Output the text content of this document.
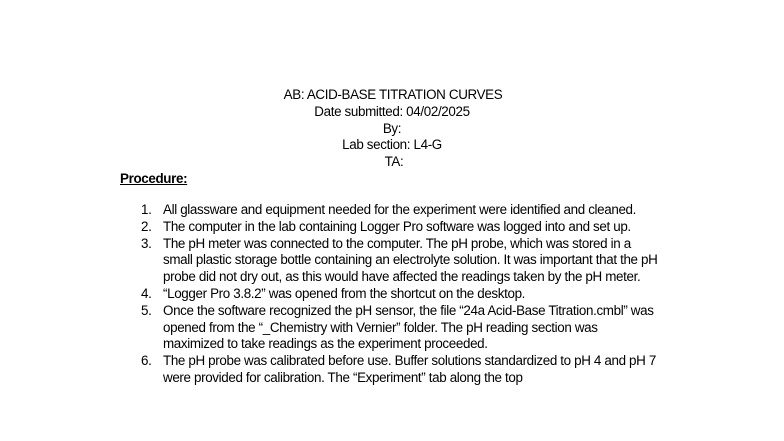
AB: ACID-BASE TITRATION CURVES
Date submitted: 04/02/2025
By:
Lab section: L4-G
TA:
Procedure:
1. All glassware and equipment needed for the experiment were identified and cleaned.
2. The computer in the lab containing Logger Pro software was logged into and set up.
3. The pH meter was connected to the computer. The pH probe, which was stored in a small plastic storage bottle containing an electrolyte solution. It was important that the pH probe did not dry out, as this would have affected the readings taken by the pH meter.
4. “Logger Pro 3.8.2” was opened from the shortcut on the desktop.
5. Once the software recognized the pH sensor, the file “24a Acid-Base Titration.cmbl” was opened from the “_Chemistry with Vernier” folder. The pH reading section was maximized to take readings as the experiment proceeded.
6. The pH probe was calibrated before use. Buffer solutions standardized to pH 4 and pH 7 were provided for calibration. The “Experiment” tab along the top
